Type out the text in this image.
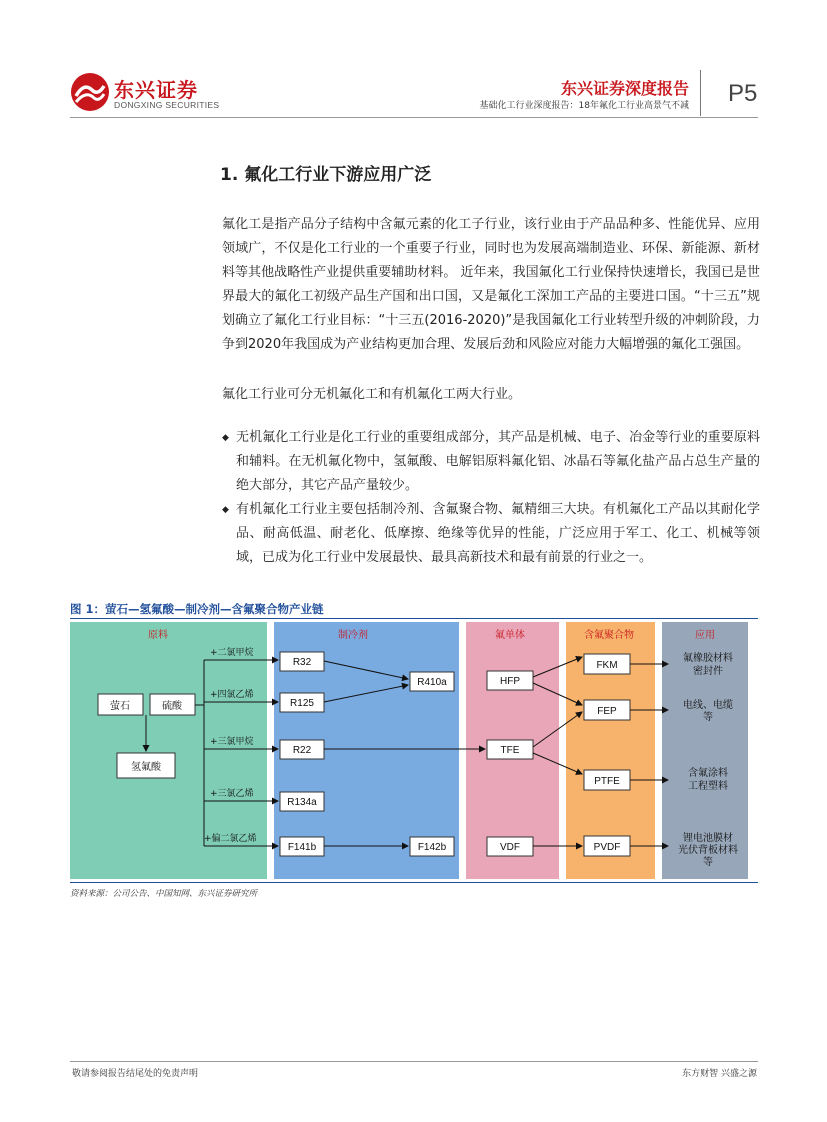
东兴证券
DONGXING SECURITIES
东兴证券深度报告
基础化工行业深度报告：18年氟化工行业高景气不减 P5
1. 氟化工行业下游应用广泛
氟化工是指产品分子结构中含氟元素的化工子行业，该行业由于产品品种多、性能优异、应用领域广，不仅是化工行业的一个重要子行业，同时也为发展高端制造业、环保、新能源、新材料等其他战略性产业提供重要辅助材料。 近年来，我国氟化工行业保持快速增长，我国已是世界最大的氟化工初级产品生产国和出口国，又是氟化工深加工产品的主要进口国。“十三五”规划确立了氟化工行业目标：“十三五(2016-2020)”是我国氟化工行业转型升级的冲刺阶段，力争到2020年我国成为产业结构更加合理、发展后劲和风险应对能力大幅增强的氟化工强国。
氟化工行业可分无机氟化工和有机氟化工两大行业。
◆ 无机氟化工行业是化工行业的重要组成部分，其产品是机械、电子、冶金等行业的重要原料和辅料。在无机氟化物中，氢氟酸、电解铝原料氟化铝、冰晶石等氟化盐产品占总生产量的绝大部分，其它产品产量较少。
◆ 有机氟化工行业主要包括制冷剂、含氟聚合物、氟精细三大块。有机氟化工产品以其耐化学品、耐高低温、耐老化、低摩擦、绝缘等优异的性能，广泛应用于军工、化工、机械等领域，已成为化工行业中发展最快、最具高新技术和最有前景的行业之一。
图 1：萤石—氢氟酸—制冷剂—含氟聚合物产业链
原料	制冷剂	氟单体	含氟聚合物	应用
萤石	硫酸
氢氟酸
+二氯甲烷
+四氯乙烯
+三氯甲烷
+三氯乙烯
+偏二氯乙烯
R32
R125
R22
R134a
F141b
R410a
F142b
HFP
TFE
VDF
FKM
FEP
PTFE
PVDF
氟橡胶材料
密封件
电线、电缆
等
含氟涂料
工程塑料
锂电池膜材
光伏背板材料
等
资料来源：公司公告、中国知网、东兴证券研究所
敬请参阅报告结尾处的免责声明	东方财智 兴盛之源
